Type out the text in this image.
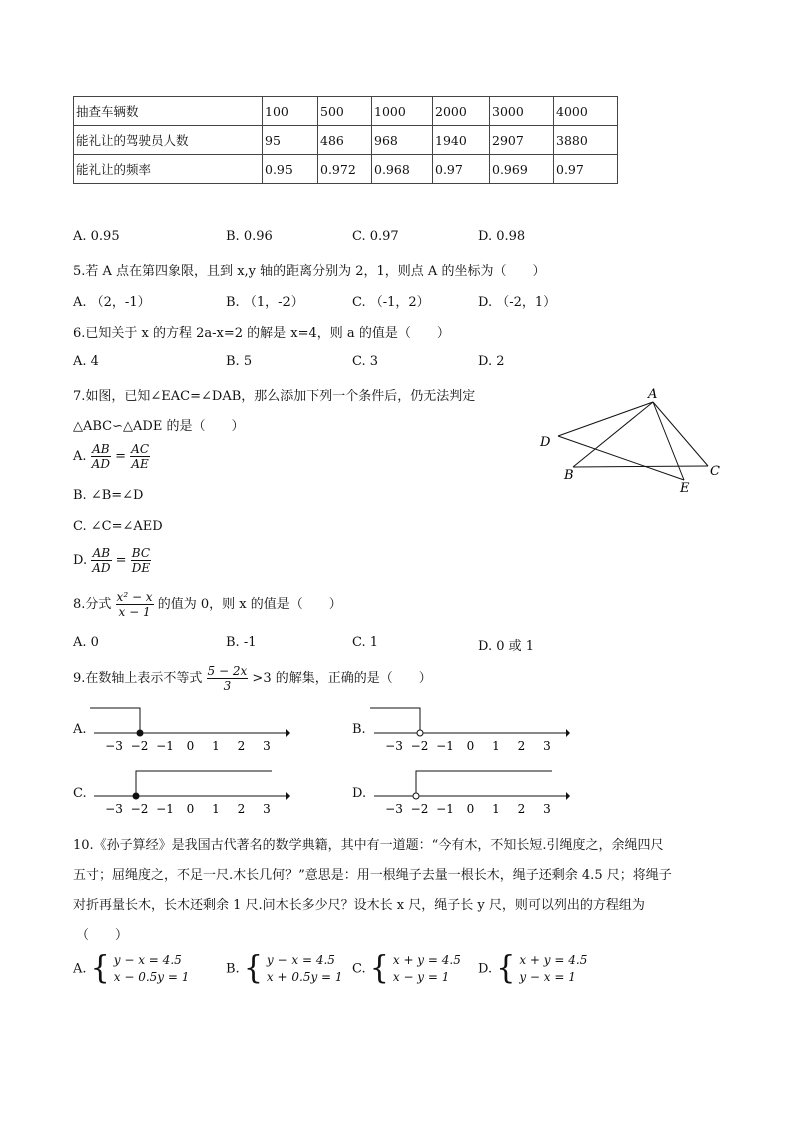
抽查车辆数	100	500	1000	2000	3000	4000
能礼让的驾驶员人数	95	486	968	1940	2907	3880
能礼让的频率	0.95	0.972	0.968	0.97	0.969	0.97
A. 0.95	B. 0.96	C. 0.97	D. 0.98
5.若 A 点在第四象限，且到 x,y 轴的距离分别为 2，1，则点 A 的坐标为（　　）
A. （2，-1）	B. （1，-2）	C. （-1，2）	D. （-2，1）
6.已知关于 x 的方程 2a-x=2 的解是 x=4，则 a 的值是（　　）
A. 4	B. 5	C. 3	D. 2
7.如图，已知∠EAC=∠DAB，那么添加下列一个条件后，仍无法判定
△ABC∽△ADE 的是（　　）
A. $\frac{AB}{AD} = \frac{AC}{AE}$
B. ∠B=∠D
C. ∠C=∠AED
D. $\frac{AB}{AD} = \frac{BC}{DE}$
A
D
B	C
E
8.分式 $\frac{\text{x² − x}}{x - 1}$ 的值为 0，则 x 的值是（　　）
A. 0	B. -1	C. 1	D. 0 或 1
9.在数轴上表示不等式 $\frac{5 - 2x}{3} >3$ 的解集，正确的是（　　）
A.
−3 −2 −1 0 1 2 3
B.
−3 −2 −1 0 1 2 3
C.
−3 −2 −1 0 1 2 3
D.
−3 −2 −1 0 1 2 3
10.《孙子算经》是我国古代著名的数学典籍，其中有一道题：“今有木，不知长短.引绳度之，余绳四尺
五寸；屈绳度之，不足一尺.木长几何？”意思是：用一根绳子去量一根长木，绳子还剩余 4.5 尺；将绳子
对折再量长木，长木还剩余 1 尺.问木长多少尺？设木长 x 尺，绳子长 y 尺，则可以列出的方程组为
（　　）
A. { y − x = 4.5
x − 0.5y = 1
B. { y − x = 4.5
x + 0.5y = 1
C. { x + y = 4.5
x − y = 1
D. { x + y = 4.5
y − x = 1
